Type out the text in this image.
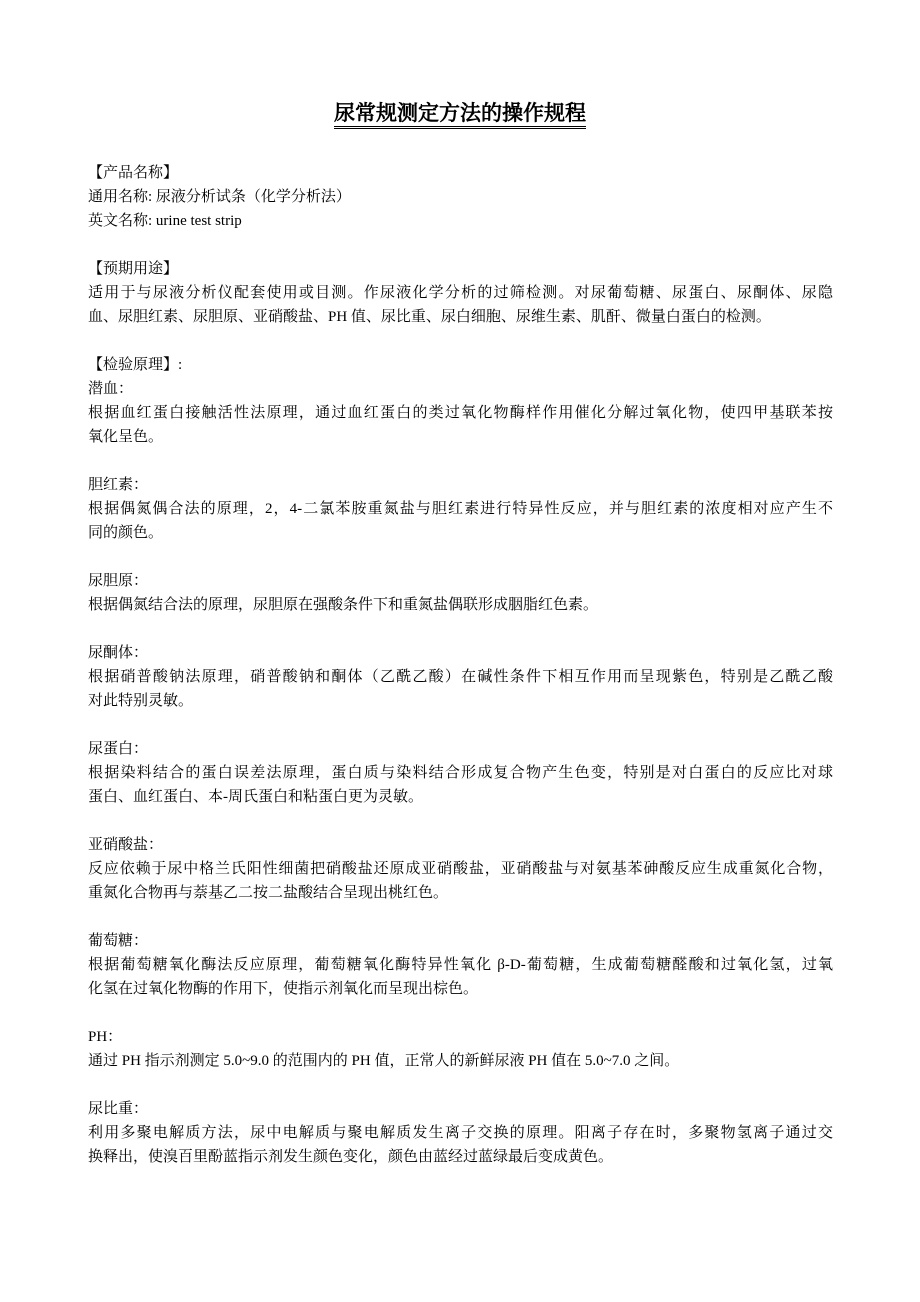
尿常规测定方法的操作规程
【产品名称】
通用名称: 尿液分析试条（化学分析法）
英文名称: urine test strip
【预期用途】
适用于与尿液分析仪配套使用或目测。作尿液化学分析的过筛检测。对尿葡萄糖、尿蛋白、尿酮体、尿隐
血、尿胆红素、尿胆原、亚硝酸盐、PH 值、尿比重、尿白细胞、尿维生素、肌酐、微量白蛋白的检测。
【检验原理】:
潜血：
根据血红蛋白接触活性法原理，通过血红蛋白的类过氧化物酶样作用催化分解过氧化物，使四甲基联苯按
氧化呈色。
胆红素：
根据偶氮偶合法的原理，2，4-二氯苯胺重氮盐与胆红素进行特异性反应，并与胆红素的浓度相对应产生不
同的颜色。
尿胆原：
根据偶氮结合法的原理，尿胆原在强酸条件下和重氮盐偶联形成胭脂红色素。
尿酮体：
根据硝普酸钠法原理，硝普酸钠和酮体（乙酰乙酸）在碱性条件下相互作用而呈现紫色，特别是乙酰乙酸
对此特别灵敏。
尿蛋白：
根据染料结合的蛋白误差法原理，蛋白质与染料结合形成复合物产生色变，特别是对白蛋白的反应比对球
蛋白、血红蛋白、本-周氏蛋白和粘蛋白更为灵敏。
亚硝酸盐：
反应依赖于尿中格兰氏阳性细菌把硝酸盐还原成亚硝酸盐，亚硝酸盐与对氨基苯砷酸反应生成重氮化合物，
重氮化合物再与萘基乙二按二盐酸结合呈现出桃红色。
葡萄糖：
根据葡萄糖氧化酶法反应原理，葡萄糖氧化酶特异性氧化 β-D-葡萄糖，生成葡萄糖醛酸和过氧化氢，过氧
化氢在过氧化物酶的作用下，使指示剂氧化而呈现出棕色。
PH：
通过 PH 指示剂测定 5.0~9.0 的范围内的 PH 值，正常人的新鲜尿液 PH 值在 5.0~7.0 之间。
尿比重：
利用多聚电解质方法，尿中电解质与聚电解质发生离子交换的原理。阳离子存在时，多聚物氢离子通过交
换释出，使溴百里酚蓝指示剂发生颜色变化，颜色由蓝经过蓝绿最后变成黄色。
